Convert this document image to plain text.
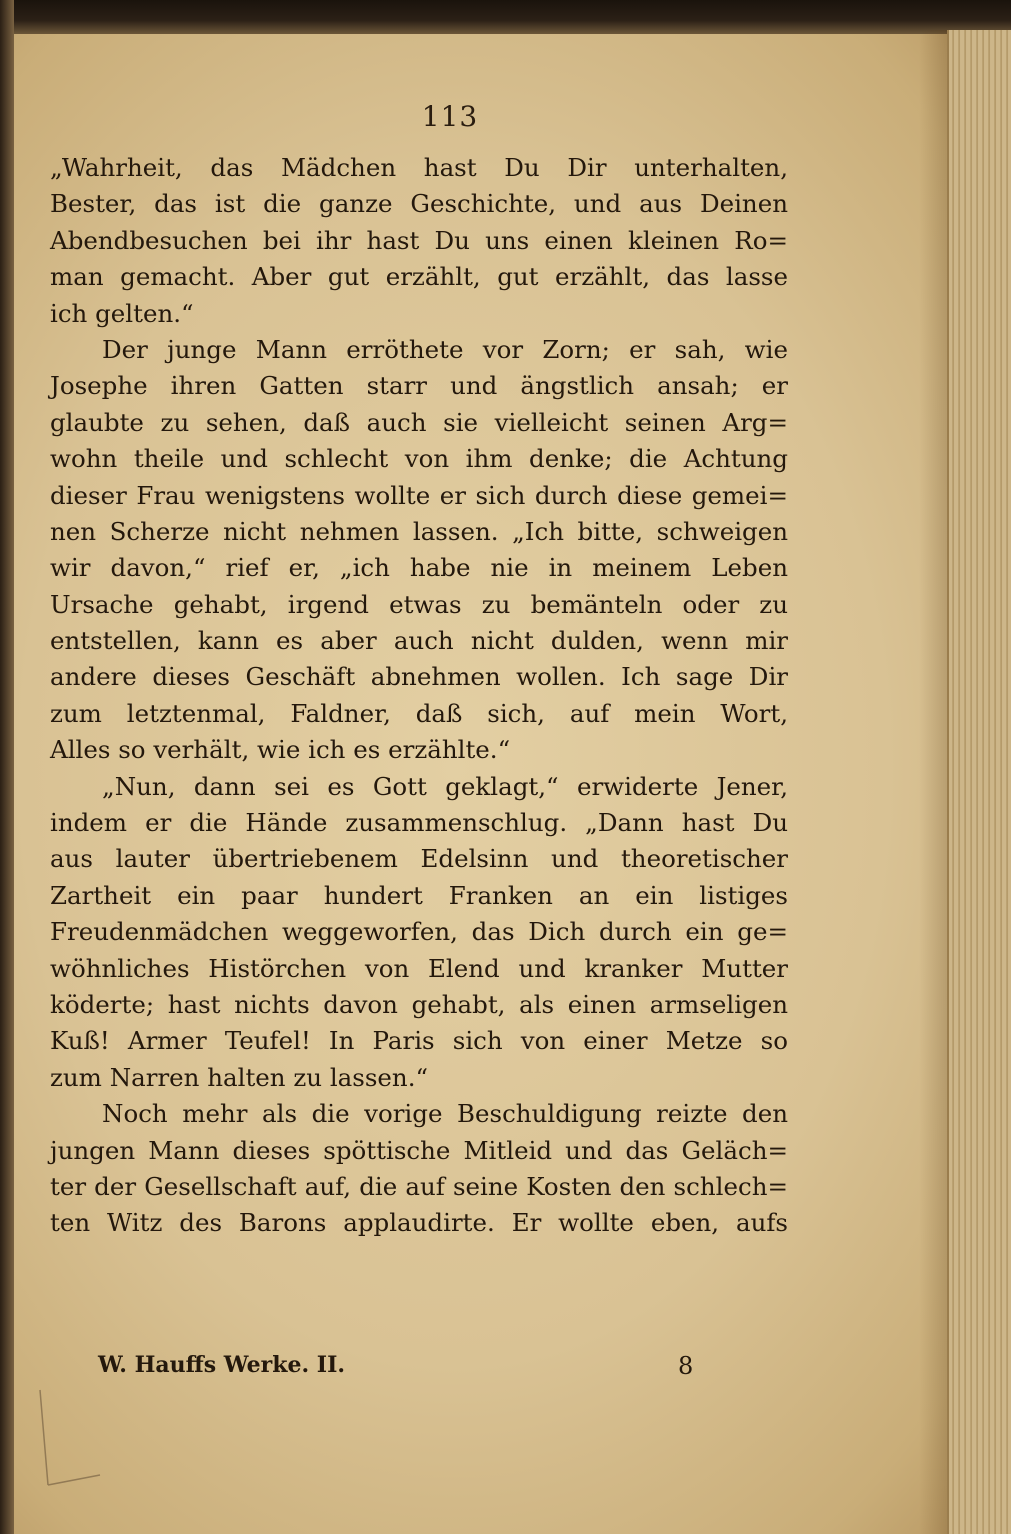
113
„Wahrheit, das Mädchen hast Du Dir unterhalten,
Bester, das ist die ganze Geschichte, und aus Deinen
Abendbesuchen bei ihr hast Du uns einen kleinen Ro=
man gemacht. Aber gut erzählt, gut erzählt, das lasse
ich gelten.“
Der junge Mann erröthete vor Zorn; er sah, wie
Josephe ihren Gatten starr und ängstlich ansah; er
glaubte zu sehen, daß auch sie vielleicht seinen Arg=
wohn theile und schlecht von ihm denke; die Achtung
dieser Frau wenigstens wollte er sich durch diese gemei=
nen Scherze nicht nehmen lassen. „Ich bitte, schweigen
wir davon,“ rief er, „ich habe nie in meinem Leben
Ursache gehabt, irgend etwas zu bemänteln oder zu
entstellen, kann es aber auch nicht dulden, wenn mir
andere dieses Geschäft abnehmen wollen. Ich sage Dir
zum letztenmal, Faldner, daß sich, auf mein Wort,
Alles so verhält, wie ich es erzählte.“
„Nun, dann sei es Gott geklagt,“ erwiderte Jener,
indem er die Hände zusammenschlug. „Dann hast Du
aus lauter übertriebenem Edelsinn und theoretischer
Zartheit ein paar hundert Franken an ein listiges
Freudenmädchen weggeworfen, das Dich durch ein ge=
wöhnliches Histörchen von Elend und kranker Mutter
köderte; hast nichts davon gehabt, als einen armseligen
Kuß! Armer Teufel! In Paris sich von einer Metze so
zum Narren halten zu lassen.“
Noch mehr als die vorige Beschuldigung reizte den
jungen Mann dieses spöttische Mitleid und das Geläch=
ter der Gesellschaft auf, die auf seine Kosten den schlech=
ten Witz des Barons applaudirte. Er wollte eben, aufs
W. Hauffs Werke. II.	8
